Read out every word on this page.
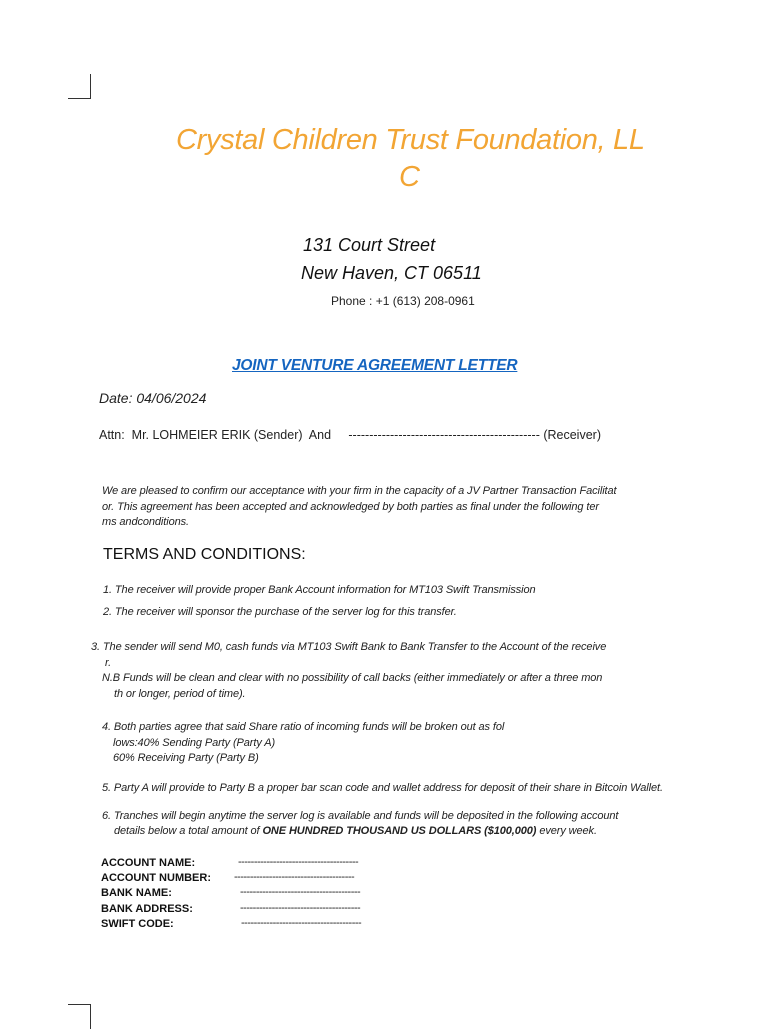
Crystal Children Trust Foundation, LL
C
131 Court Street
New Haven, CT 06511
Phone : +1 (613) 208-0961
JOINT VENTURE AGREEMENT LETTER
Date: 04/06/2024
Attn:  Mr. LOHMEIER ERIK (Sender)  And     ---------------------------------------------- (Receiver)
We are pleased to confirm our acceptance with your firm in the capacity of a JV Partner Transaction Facilitat
or. This agreement has been accepted and acknowledged by both parties as final under the following ter
ms andconditions.
TERMS AND CONDITIONS:
1. The receiver will provide proper Bank Account information for MT103 Swift Transmission
2. The receiver will sponsor the purchase of the server log for this transfer.
3. The sender will send M0, cash funds via MT103 Swift Bank to Bank Transfer to the Account of the receive
r.
N.B Funds will be clean and clear with no possibility of call backs (either immediately or after a three mon
th or longer, period of time).
4. Both parties agree that said Share ratio of incoming funds will be broken out as fol
lows:40% Sending Party (Party A)
60% Receiving Party (Party B)
5. Party A will provide to Party B a proper bar scan code and wallet address for deposit of their share in Bitcoin Wallet.
6. Tranches will begin anytime the server log is available and funds will be deposited in the following account
details below a total amount of ONE HUNDRED THOUSAND US DOLLARS ($100,000) every week.
ACCOUNT NAME:	--------------------------------------
ACCOUNT NUMBER: --------------------------------------
BANK NAME:	--------------------------------------
BANK ADDRESS:	--------------------------------------
SWIFT CODE:	--------------------------------------
